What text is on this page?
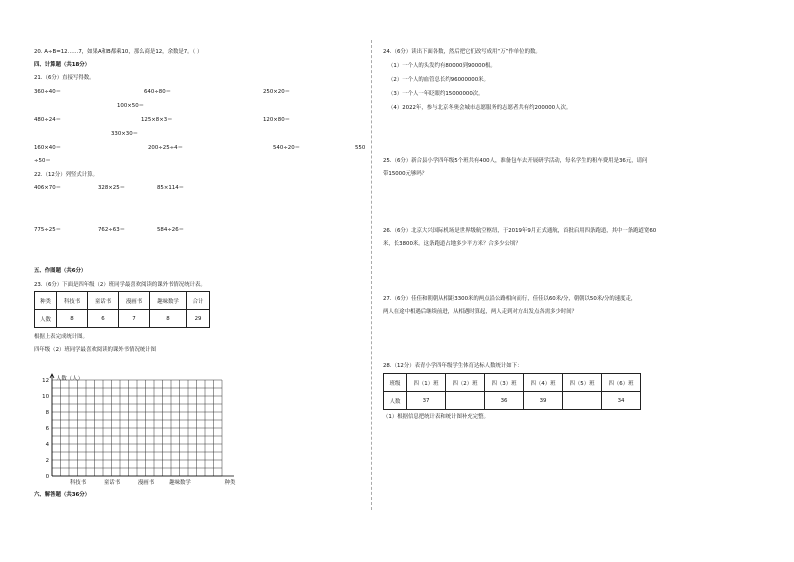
20. A÷B=12……7，如果A和B都乘10，那么商是12，余数是7。（ ）
四、计算题（共18分）
21.（6分）直接写得数。
360÷40＝	640÷80＝	250×20＝
100×50＝
480÷24＝	125×8×3＝	120×80＝
330×30＝
160×40＝	200÷25÷4＝	540÷20＝	550
÷50＝
22.（12分）列竖式计算。
406×70＝	328×25＝	85×114＝
775÷25＝	762÷63＝	584÷26＝
五、作图题（共6分）
23.（6分）下面是四年级（2）班同学最喜欢阅读的课外书情况统计表。
种类	科技书	童话书	漫画书	趣味数学	合计
人数	8	6	7	8	29
根据上表完成统计图。
四年级（2）班同学最喜欢阅读的课外书情况统计图
0
2
4
6
8
10
12 人数（人）
科技书	童话书	漫画书	趣味数学	种类
六、解答题（共36分）
24.（6分）读出下面各数，然后把它们改写成用“万”作单位的数。
（1）一个人的头发约有80000到90000根。
（2）一个人的血管总长约96000000米。
（3）一个人一年眨眼约15000000次。
（4）2022年，参与北京冬奥会城市志愿服务的志愿者共有约200000人次。
25.（6分）新合县小学四年级5个班共有400人，准备包车去开展研学活动，每名学生的租车费用是36元，请问
带15000元够吗？
26.（6分）北京大兴国际机场是世界级航空枢纽，于2019年9月正式通航，首批启用四条跑道，其中一条跑道宽60
米，长3800米。这条跑道占地多少平方米？合多少公顷？
27.（6分）佳佳和朝朝从相距3300米的两点沿公路相向而行，佳佳以60米/分，朝朝以50米/分的速度走，
两人在途中相遇后继续前进，从相遇时算起，两人走到对方出发点各需多少时间？
28.（12分）表青小学四年级学生体育达标人数统计如下：
班级	四（1）班	四（2）班	四（3）班	四（4）班	四（5）班	四（6）班
人数	37		36	39		34
（1）根据信息把统计表和统计图补充完整。
